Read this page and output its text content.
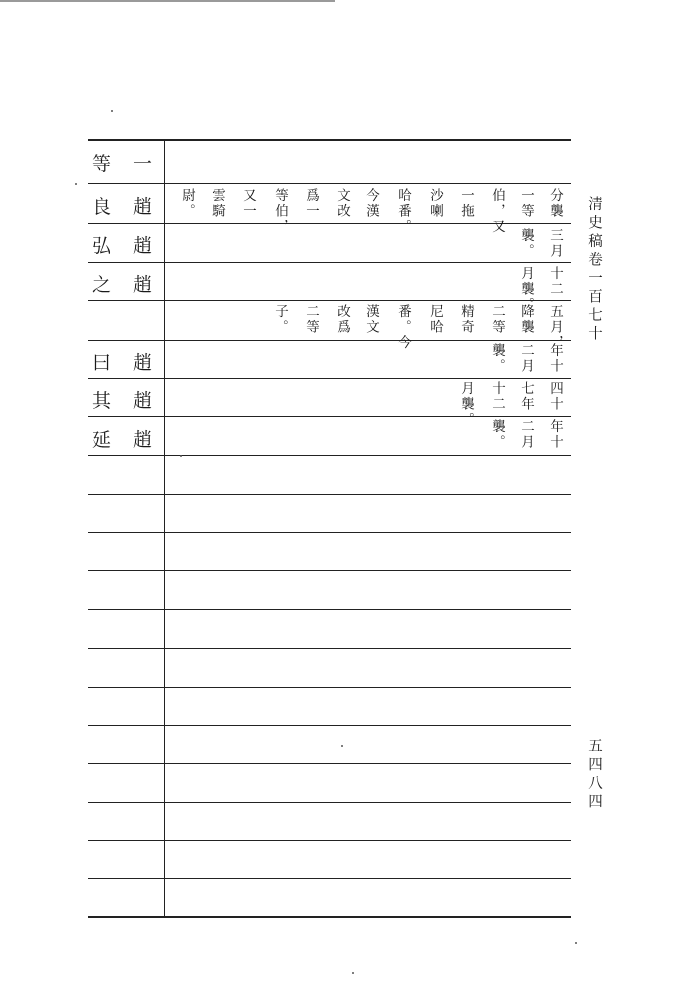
等 一
良 趙
弘 趙
之 趙
曰 趙
其 趙
延 趙
分襲
一等
伯，又
一拖
沙喇
哈番。
今漢
文改
爲一
等伯，
又一
雲騎
尉。
三月
襲。
十二
月襲。
五月，
降襲
二等
精奇
尼哈
番。今
漢文
改爲
二等
子。
年十
二月
襲。
四十
七年
十二
月襲。
年十
二月
襲。
清史稿卷一百七十
五四八四
